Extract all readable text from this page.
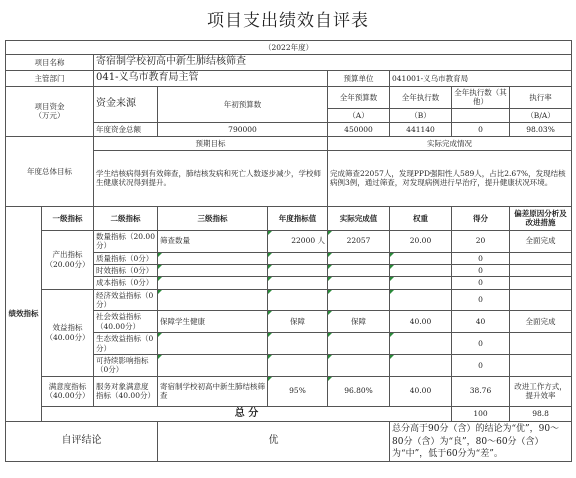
项目支出绩效自评表
（2022年度）									
项目名称		寄宿制学校初高中新生肺结核筛查							
主管部门		041-义乌市教育局主管			预算单位	041001-义乌市教育局			
项目资金
（万元）		资金来源	年初预算数		全年预算数	全年执行数	全年执行数（其他）	执行率	
					（A）	（B）		（B/A）	
		年度资金总额	790000		450000	441140	0	98.03%	
年度总体目标		预期目标			实际完成情况				
		学生结核病得到有效筛查，肺结核发病和死亡人数逐步减少，学校师生健康状况得到提升。			完成筛查22057人，发现PPD强阳性人589人，占比2.67%，发现结核病例3例，通过筛查，对发现病例进行早治疗，提升健康状况环境。				
绩效指标	一级指标	二级指标	三级指标	年度指标值	实际完成值	权重	得分	偏差原因分析及改进措施	
	产出指标
（20.00分）	数量指标（20.00分）	筛查数量	22000 人	22057	20.00	20	全面完成	
		质量指标（0分）					0		
		时效指标（0分）					0		
		成本指标（0分）					0		
	效益指标
（40.00分）	经济效益指标（0分）					0		
		社会效益指标（40.00分）	保障学生健康	保障	保障	40.00	40	全面完成	
		生态效益指标（0分）					0		
		可持续影响指标（0分）					0		
	满意度指标
（40.00分）	服务对象满意度指标（40.00分）	寄宿制学校初高中新生肺结核筛查	95%	96.80%	40.00	38.76	改进工作方式，提升效率	
	总 分						100	98.8	
自评结论			优			总分高于90分（含）的结论为“优”，90～80分（含）为“良”，80～60分（含）为“中”，低于60分为“差”。			
